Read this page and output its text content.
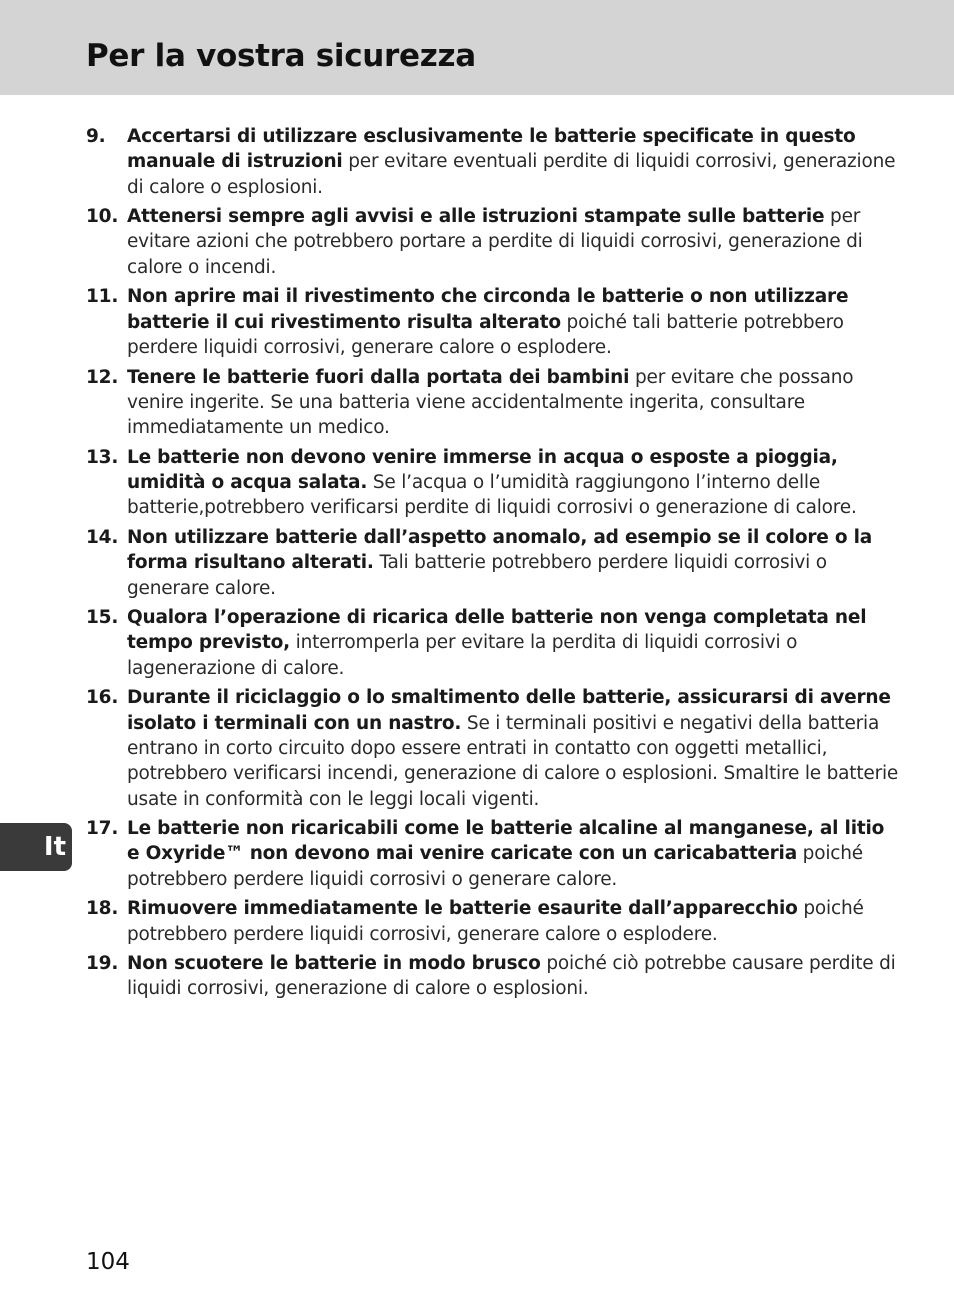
Per la vostra sicurezza
9.	Accertarsi di utilizzare esclusivamente le batterie specificate in questo manuale di istruzioni per evitare eventuali perdite di liquidi corrosivi, generazione di calore o esplosioni.
10. Attenersi sempre agli avvisi e alle istruzioni stampate sulle batterie per evitare azioni che potrebbero portare a perdite di liquidi corrosivi, generazione di calore o incendi.
11. Non aprire mai il rivestimento che circonda le batterie o non utilizzare batterie il cui rivestimento risulta alterato poiché tali batterie potrebbero perdere liquidi corrosivi, generare calore o esplodere.
12. Tenere le batterie fuori dalla portata dei bambini per evitare che possano venire ingerite. Se una batteria viene accidentalmente ingerita, consultare immediatamente un medico.
13. Le batterie non devono venire immerse in acqua o esposte a pioggia, umidità o acqua salata. Se l’acqua o l’umidità raggiungono l’interno delle batterie,potrebbero verificarsi perdite di liquidi corrosivi o generazione di calore.
14. Non utilizzare batterie dall’aspetto anomalo, ad esempio se il colore o la forma risultano alterati. Tali batterie potrebbero perdere liquidi corrosivi o generare calore.
15. Qualora l’operazione di ricarica delle batterie non venga completata nel tempo previsto, interromperla per evitare la perdita di liquidi corrosivi o lagenerazione di calore.
16. Durante il riciclaggio o lo smaltimento delle batterie, assicurarsi di averne isolato i terminali con un nastro. Se i terminali positivi e negativi della batteria entrano in corto circuito dopo essere entrati in contatto con oggetti metallici, potrebbero verificarsi incendi, generazione di calore o esplosioni. Smaltire le batterie usate in conformità con le leggi locali vigenti.
17. Le batterie non ricaricabili come le batterie alcaline al manganese, al litio e Oxyride™ non devono mai venire caricate con un caricabatteria poiché potrebbero perdere liquidi corrosivi o generare calore.
18. Rimuovere immediatamente le batterie esaurite dall’apparecchio poiché potrebbero perdere liquidi corrosivi, generare calore o esplodere.
19. Non scuotere le batterie in modo brusco poiché ciò potrebbe causare perdite di liquidi corrosivi, generazione di calore o esplosioni.
It
104
